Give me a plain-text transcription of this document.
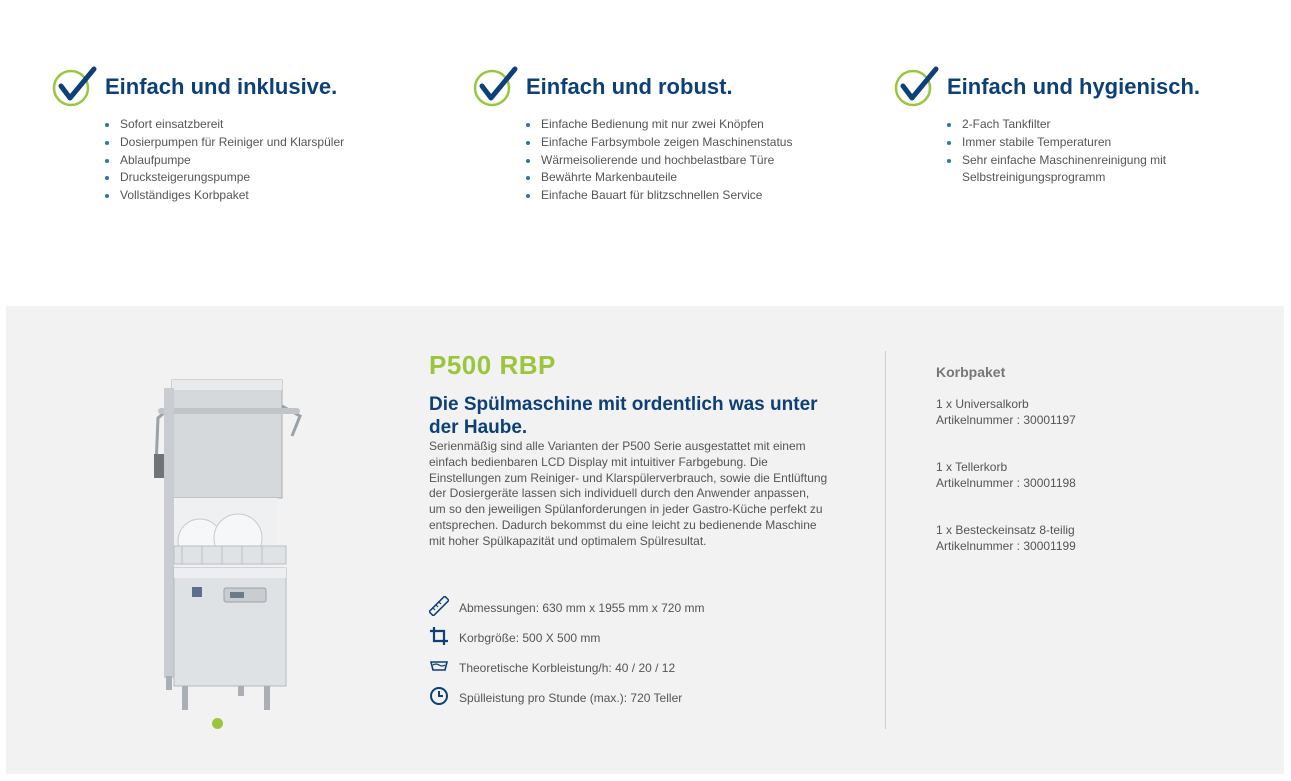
Einfach und inklusive.
Sofort einsatzbereit
Dosierpumpen für Reiniger und Klarspüler
Ablaufpumpe
Drucksteigerungspumpe
Vollständiges Korbpaket
Einfach und robust.
Einfache Bedienung mit nur zwei Knöpfen
Einfache Farbsymbole zeigen Maschinenstatus
Wärmeisolierende und hochbelastbare Türe
Bewährte Markenbauteile
Einfache Bauart für blitzschnellen Service
Einfach und hygienisch.
2-Fach Tankfilter
Immer stabile Temperaturen
Sehr einfache Maschinenreinigung mit Selbstreinigungsprogramm
P500 RBP
Die Spülmaschine mit ordentlich was unter der Haube.

Serienmäßig sind alle Varianten der P500 Serie ausgestattet mit einem einfach bedienbaren LCD Display mit intuitiver Farbgebung. Die Einstellungen zum Reiniger- und Klarspülerverbrauch, sowie die Entlüftung der Dosiergeräte lassen sich individuell durch den Anwender anpassen, um so den jeweiligen Spülanforderungen in jeder Gastro-Küche perfekt zu entsprechen. Dadurch bekommst du eine leicht zu bedienende Maschine mit hoher Spülkapazität und optimalem Spülresultat.

Abmessungen: 630 mm x 1955 mm x 720 mm
Korbgröße: 500 X 500 mm
Theoretische Korbleistung/h: 40 / 20 / 12
Spülleistung pro Stunde (max.): 720 Teller
Korbpaket
1 x Universalkorb
Artikelnummer : 30001197
1 x Tellerkorb
Artikelnummer : 30001198
1 x Besteckeinsatz 8-teilig
Artikelnummer : 30001199
